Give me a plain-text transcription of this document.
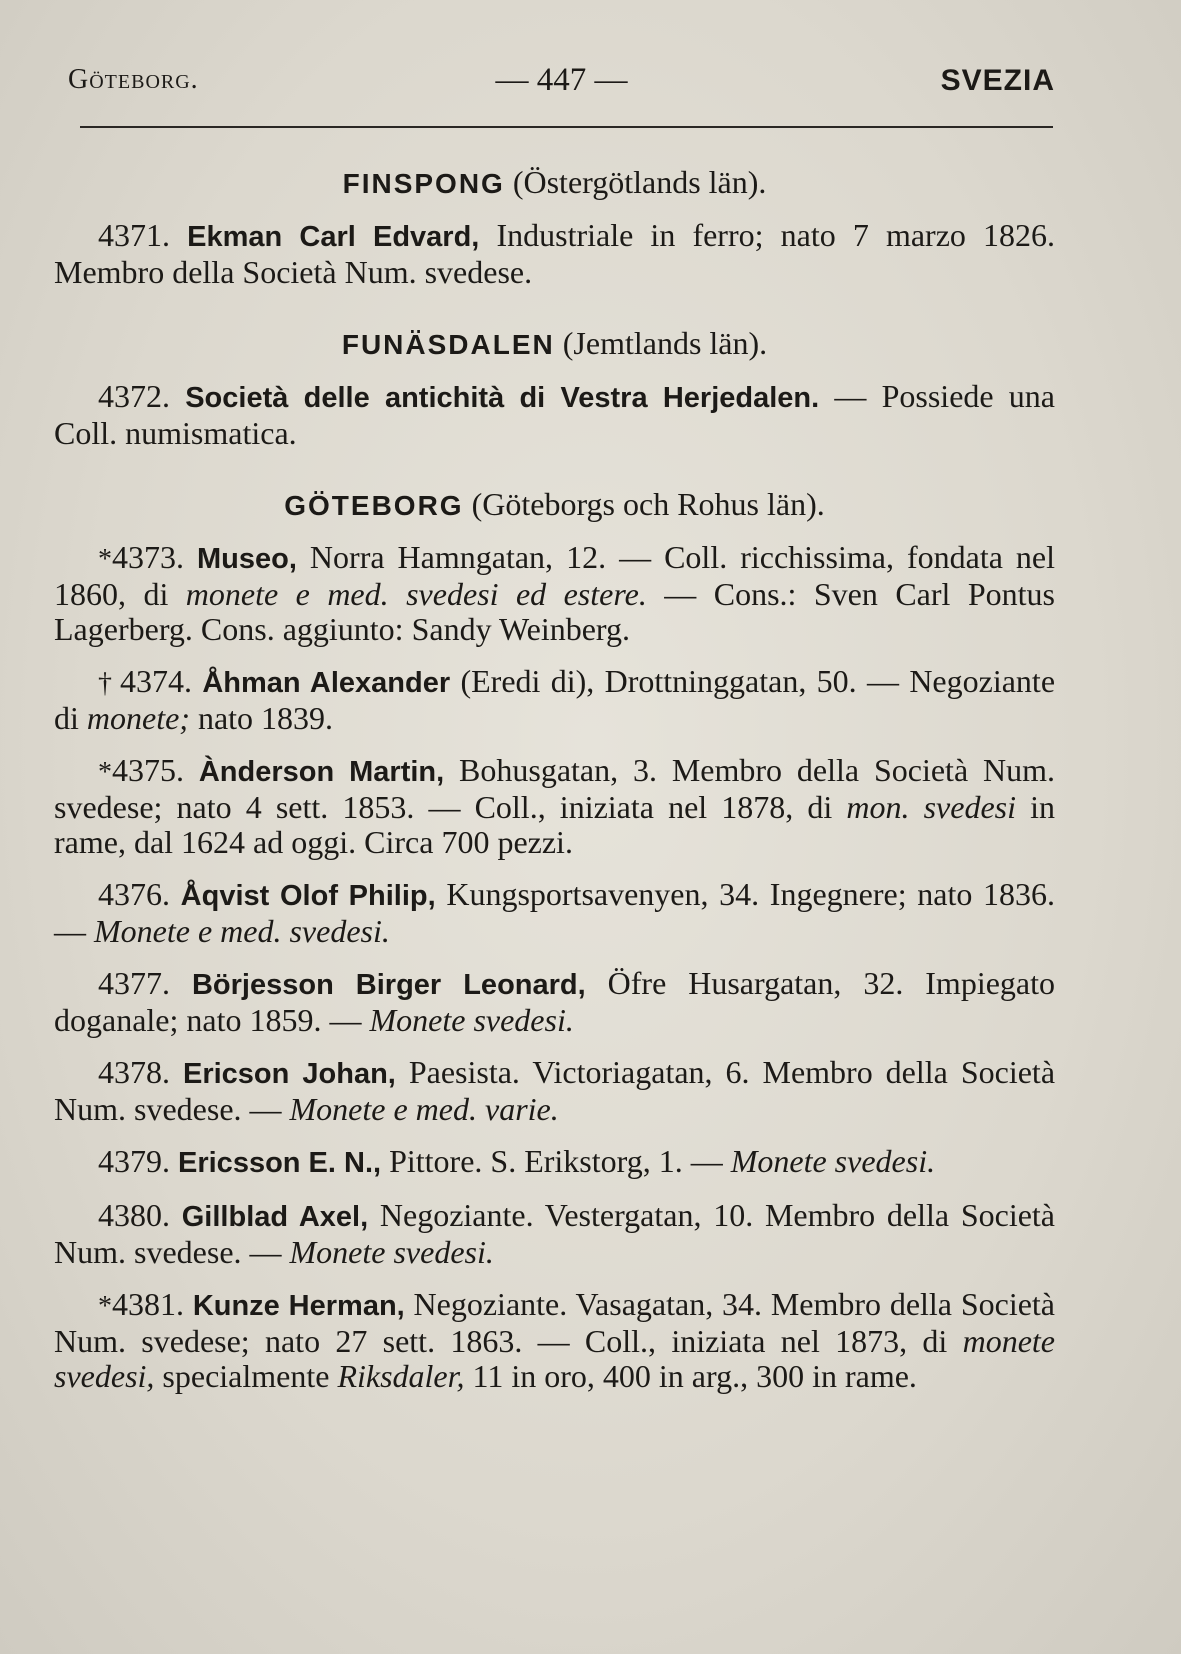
Göteborg.	— 447 —	SVEZIA
FINSPONG (Östergötlands län).

4371. Ekman Carl Edvard, Industriale in ferro; nato 7 marzo 1826. Membro della Società Num. svedese.

FUNÄSDALEN (Jemtlands län).

4372. Società delle antichità di Vestra Herjedalen. — Possiede una Coll. numismatica.

GÖTEBORG (Göteborgs och Rohus län).

*4373. Museo, Norra Hamngatan, 12. — Coll. ricchissima, fondata nel 1860, di monete e med. svedesi ed estere. — Cons.: Sven Carl Pontus Lagerberg. Cons. aggiunto: Sandy Weinberg.

† 4374. Åhman Alexander (Eredi di), Drottninggatan, 50. — Negoziante di monete; nato 1839.

*4375. Ànderson Martin, Bohusgatan, 3. Membro della Società Num. svedese; nato 4 sett. 1853. — Coll., iniziata nel 1878, di mon. svedesi in rame, dal 1624 ad oggi. Circa 700 pezzi.

4376. Åqvist Olof Philip, Kungsportsavenyen, 34. Ingegnere; nato 1836. — Monete e med. svedesi.

4377. Börjesson Birger Leonard, Öfre Husargatan, 32. Impiegato doganale; nato 1859. — Monete svedesi.

4378. Ericson Johan, Paesista. Victoriagatan, 6. Membro della Società Num. svedese. — Monete e med. varie.

4379. Ericsson E. N., Pittore. S. Erikstorg, 1. — Monete svedesi.

4380. Gillblad Axel, Negoziante. Vestergatan, 10. Membro della Società Num. svedese. — Monete svedesi.

*4381. Kunze Herman, Negoziante. Vasagatan, 34. Membro della Società Num. svedese; nato 27 sett. 1863. — Coll., iniziata nel 1873, di monete svedesi, specialmente Riksdaler, 11 in oro, 400 in arg., 300 in rame.
